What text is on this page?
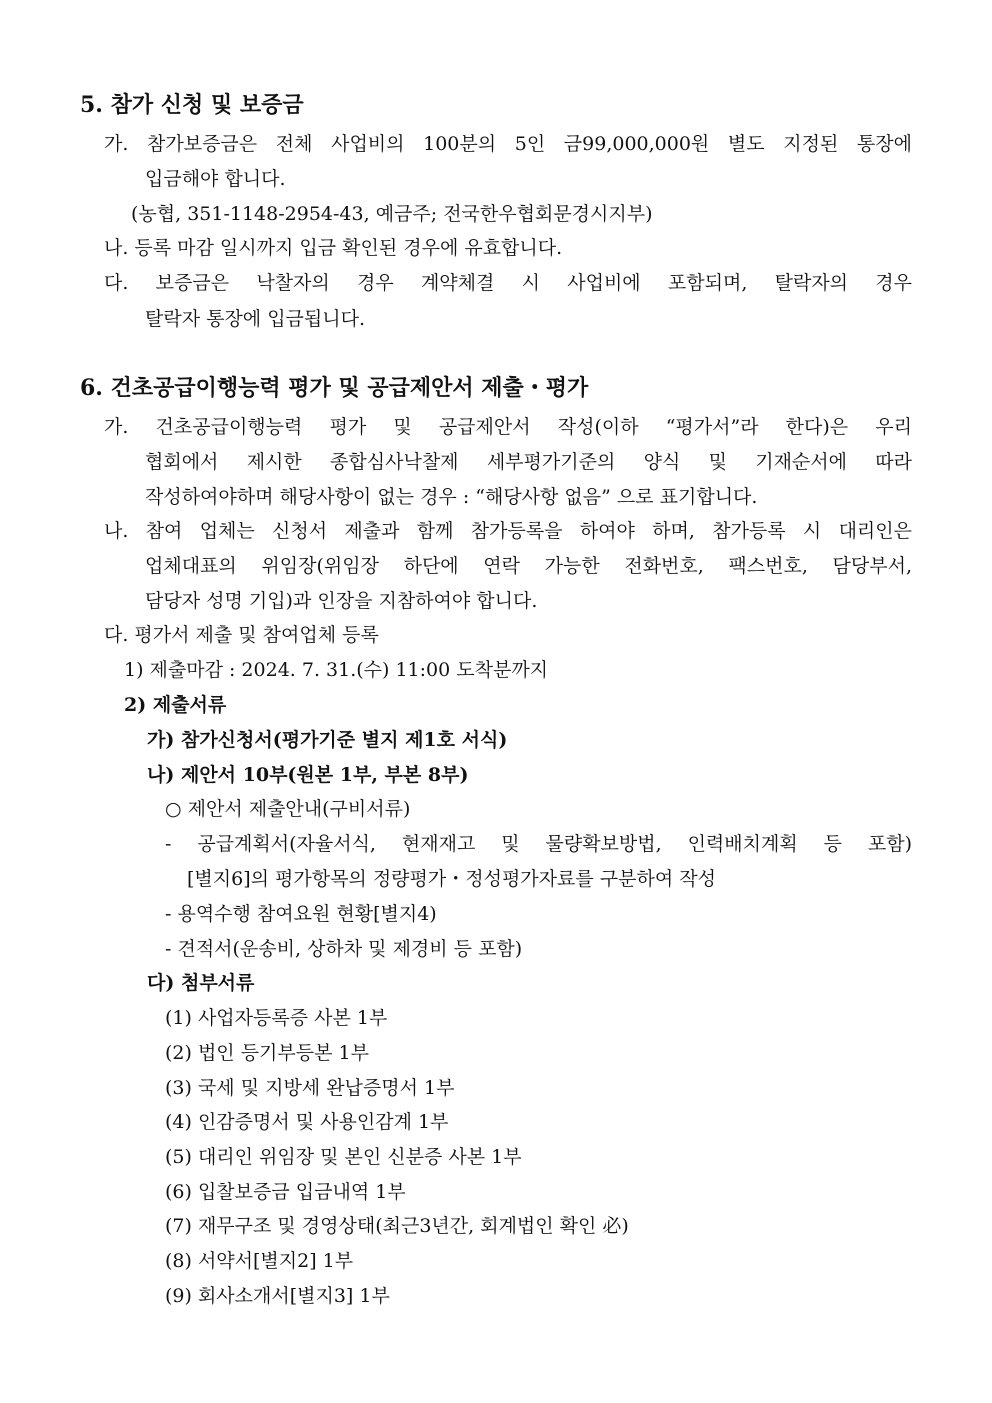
5. 참가 신청 및 보증금
가. 참가보증금은 전체 사업비의 100분의 5인 금99,000,000원 별도 지정된 통장에
입금해야 합니다.
(농협, 351-1148-2954-43, 예금주; 전국한우협회문경시지부)
나. 등록 마감 일시까지 입금 확인된 경우에 유효합니다.
다. 보증금은 낙찰자의 경우 계약체결 시 사업비에 포함되며, 탈락자의 경우
탈락자 통장에 입금됩니다.
6. 건초공급이행능력 평가 및 공급제안서 제출・평가
가. 건초공급이행능력 평가 및 공급제안서 작성(이하 “평가서”라 한다)은 우리
협회에서 제시한 종합심사낙찰제 세부평가기준의 양식 및 기재순서에 따라
작성하여야하며 해당사항이 없는 경우 : “해당사항 없음” 으로 표기합니다.
나. 참여 업체는 신청서 제출과 함께 참가등록을 하여야 하며, 참가등록 시 대리인은
업체대표의 위임장(위임장 하단에 연락 가능한 전화번호, 팩스번호, 담당부서,
담당자 성명 기입)과 인장을 지참하여야 합니다.
다. 평가서 제출 및 참여업체 등록
1) 제출마감 : 2024. 7. 31.(수) 11:00 도착분까지
2) 제출서류
가) 참가신청서(평가기준 별지 제1호 서식)
나) 제안서 10부(원본 1부, 부본 8부)
○ 제안서 제출안내(구비서류)
- 공급계획서(자율서식, 현재재고 및 물량확보방법, 인력배치계획 등 포함)
[별지6]의 평가항목의 정량평가・정성평가자료를 구분하여 작성
- 용역수행 참여요원 현황[별지4)
- 견적서(운송비, 상하차 및 제경비 등 포함)
다) 첨부서류
(1) 사업자등록증 사본 1부
(2) 법인 등기부등본 1부
(3) 국세 및 지방세 완납증명서 1부
(4) 인감증명서 및 사용인감계 1부
(5) 대리인 위임장 및 본인 신분증 사본 1부
(6) 입찰보증금 입금내역 1부
(7) 재무구조 및 경영상태(최근3년간, 회계법인 확인 必)
(8) 서약서[별지2] 1부
(9) 회사소개서[별지3] 1부
